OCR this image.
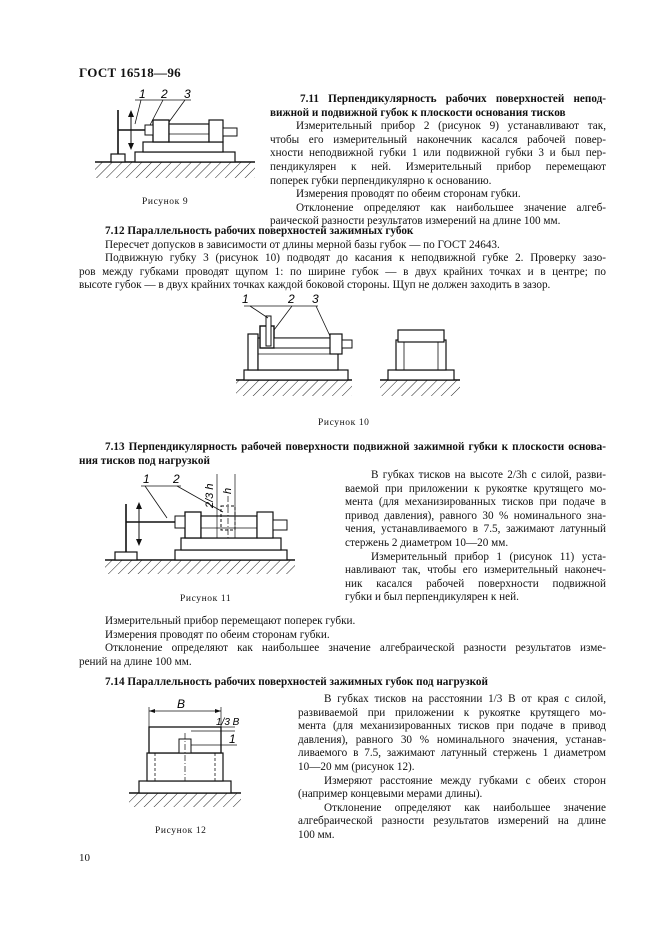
ГОСТ 16518—96
1 2 3
Рисунок 9
7.11 Перпендикулярность рабочих поверхностей непод-
вижной и подвижной губок к плоскости основания тисков
Измерительный прибор 2 (рисунок 9) устанавливают так,
чтобы его измерительный наконечник касался рабочей повер-
хности неподвижной губки 1 или подвижной губки 3 и был пер-
пендикулярен к ней. Измерительный прибор перемещают
поперек губки перпендикулярно к основанию.
Измерения проводят по обеим сторонам губки.
Отклонение определяют как наибольшее значение алгеб-
раической разности результатов измерений на длине 100 мм.
7.12 Параллельность рабочих поверхностей зажимных губок
Пересчет допусков в зависимости от длины мерной базы губок — по ГОСТ 24643.
Подвижную губку 3 (рисунок 10) подводят до касания к неподвижной губке 2. Проверку зазо-
ров между губками проводят щупом 1: по ширине губок — в двух крайних точках и в центре; по
высоте губок — в двух крайних точках каждой боковой стороны. Щуп не должен заходить в зазор.
1	2 3
Рисунок 10
7.13 Перпендикулярность рабочей поверхности подвижной зажимной губки к плоскости основа-
ния тисков под нагрузкой
2/3 h h
1 2
Рисунок 11
В губках тисков на высоте 2/3h с силой, разви-
ваемой при приложении к рукоятке крутящего мо-
мента (для механизированных тисков при подаче в
привод давления), равного 30 % номинального зна-
чения, устанавливаемого в 7.5, зажимают латунный
стержень 2 диаметром 10—20 мм.
Измерительный прибор 1 (рисунок 11) уста-
навливают так, чтобы его измерительный наконеч-
ник касался рабочей поверхности подвижной
губки и был перпендикулярен к ней.
Измерительный прибор перемещают поперек губки.
Измерения проводят по обеим сторонам губки.
Отклонение определяют как наибольшее значение алгебраической разности результатов изме-
рений на длине 100 мм.
7.14 Параллельность рабочих поверхностей зажимных губок под нагрузкой
B
1/3 B
1
Рисунок 12
В губках тисков на расстоянии 1/3 B от края с силой,
развиваемой при приложении к рукоятке крутящего мо-
мента (для механизированных тисков при подаче в привод
давления), равного 30 % номинального значения, устанав-
ливаемого в 7.5, зажимают латунный стержень 1 диаметром
10—20 мм (рисунок 12).
Измеряют расстояние между губками с обеих сторон
(например концевыми мерами длины).
Отклонение определяют как наибольшее значение
алгебраической разности результатов измерений на длине
100 мм.
10
